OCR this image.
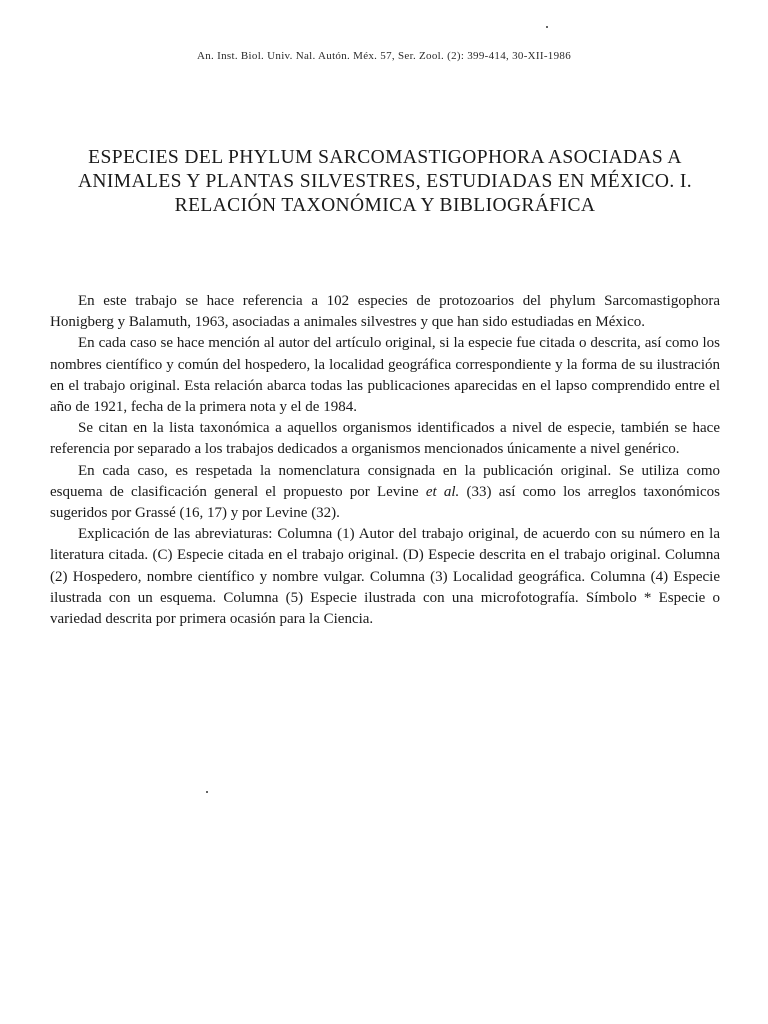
An. Inst. Biol. Univ. Nal. Autón. Méx. 57, Ser. Zool. (2): 399-414, 30-XII-1986
ESPECIES DEL PHYLUM SARCOMASTIGOPHORA ASOCIADAS A ANIMALES Y PLANTAS SILVESTRES, ESTUDIADAS EN MÉXICO. I. RELACIÓN TAXONÓMICA Y BIBLIOGRÁFICA

En este trabajo se hace referencia a 102 especies de protozoarios del phylum Sarcomastigophora Honigberg y Balamuth, 1963, asociadas a animales silvestres y que han sido estudiadas en México.

En cada caso se hace mención al autor del artículo original, si la especie fue citada o descrita, así como los nombres científico y común del hospedero, la localidad geográfica correspondiente y la forma de su ilustración en el trabajo original. Esta relación abarca todas las publicaciones aparecidas en el lapso comprendido entre el año de 1921, fecha de la primera nota y el de 1984.

Se citan en la lista taxonómica a aquellos organismos identificados a nivel de especie, también se hace referencia por separado a los trabajos dedicados a organismos mencionados únicamente a nivel genérico.

En cada caso, es respetada la nomenclatura consignada en la publicación original. Se utiliza como esquema de clasificación general el propuesto por Levine et al. (33) así como los arreglos taxonómicos sugeridos por Grassé (16, 17) y por Levine (32).

Explicación de las abreviaturas: Columna (1) Autor del trabajo original, de acuerdo con su número en la literatura citada. (C) Especie citada en el trabajo original. (D) Especie descrita en el trabajo original. Columna (2) Hospedero, nombre científico y nombre vulgar. Columna (3) Localidad geográfica. Columna (4) Especie ilustrada con un esquema. Columna (5) Especie ilustrada con una microfotografía. Símbolo * Especie o variedad descrita por primera ocasión para la Ciencia.
